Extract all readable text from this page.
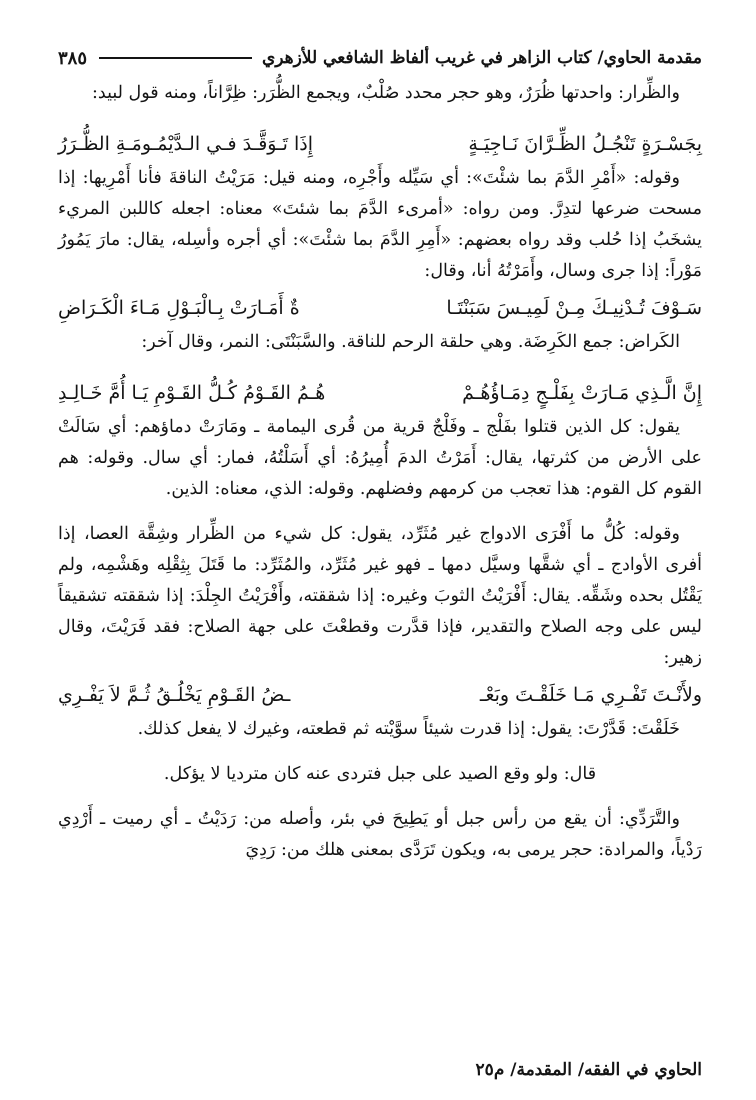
مقدمة الحاوي/ كتاب الزاهر في غريب ألفاظ الشافعي للأزهري
٣٨٥

والظِّرار: واحدتها ظُرَرٌ، وهو حجر محدد صُلْبٌ، ويجمع الظُّرَر: ظِرَّاناً، ومنه قول لبيد:

بِجَسْـرَةٍ تَنْجُـلُ الظِّـرَّانَ نَـاجِيَـةٍ
إِذَا تَـوَقَّـدَ فـي الـدَّيْمُـومَـةِ الظُّـرَرُ

وقوله: «أَمْرِ الدَّمَ بما شئْتَ»: أي سَيِّله وأَجْرِه، ومنه قيل: مَرَيْتُ الناقةَ فأنا أَمْرِيها: إذا مسحت ضرعها لتدِرَّ. ومن رواه: «أمرىء الدَّمَ بما شئتَ» معناه: اجعله كاللبن المريء يشخَبُ إذا حُلب وقد رواه بعضهم: «أَمِرِ الدَّمَ بما شئْتَ»: أي أجره وأسِله، يقال: مارَ يَمُورُ مَوْراً: إذا جرى وسال، وأَمَرْتُهُ أنا، وقال:

سَـوْفَ تُـدْنِيـكَ مِـنْ لَمِيـسَ سَبَنْتَـا
ةٌ أَمَـارَتْ بِـالْبَـوْلِ مَـاءَ الْكَـرَاضِ

الكَراض: جمع الكَرِضَة. وهي حلقة الرحم للناقة. والسَّبَنْتَى: النمر، وقال آخر:

إِنَّ الَّـذِي مَـارَتْ بِفَلْـجٍ دِمَـاؤُهُـمْ
هُـمُ القَـوْمُ كُـلُّ القَـوْمِ يَـا أُمَّ خَـالِـدِ

يقول: كل الذين قتلوا بفَلْج ـ وفَلْجٌ قرية من قُرى اليمامة ـ ومَارَتْ دماؤهم: أي سَالَتْ على الأرض من كثرتها، يقال: أَمَرْتُ الدمَ أُمِيرُهُ: أي أَسَلْتُهُ، فمار: أي سال. وقوله: هم القوم كل القوم: هذا تعجب من كرمهم وفضلهم. وقوله: الذي، معناه: الذين.

وقوله: كُلُّ ما أَفْرَى الادواج غير مُثَرِّد، يقول: كل شيء من الظِّرار وشِقَّة العصا، إذا أفرى الأوادج ـ أي شقَّها وسيَّل دمها ـ فهو غير مُثَرِّد، والمُثَرِّد: ما قَتَلَ بِثِقْلِه وهَشْمِه، ولم يَقْتُل بحده وشَقِّه. يقال: أَفْرَيْتُ الثوبَ وغيره: إذا شققته، وأَفْرَيْتُ الجِلْدَ: إذا شققته تشقيقاً ليس على وجه الصلاح والتقدير، فإذا قدَّرت وقطعْتَ على جهة الصلاح: فقد فَرَيْتَ، وقال زهير:

ولأَنْـتَ تَفْـرِي مَـا خَلَقْـتَ وبَعْـ
ـضُ القَـوْمِ يَخْلُـقُ ثُـمَّ لاَ يَفْـرِي

خَلَقْتَ: قَدَّرْتَ: يقول: إذا قدرت شيئاً سوَّيْته ثم قطعته، وغيرك لا يفعل كذلك.

قال: ولو وقع الصيد على جبل فتردى عنه كان مترديا لا يؤكل.

والتَّرَدِّي: أن يقع من رأس جبل أو يَطِيحَ في بئر، وأصله من: رَدَيْتُ ـ أي رميت ـ أَرْدِي رَدْياً، والمرادة: حجر يرمى به، ويكون تَرَدَّى بمعنى هلك من: رَدِيَ

الحاوي في الفقه/ المقدمة/ م٢٥
